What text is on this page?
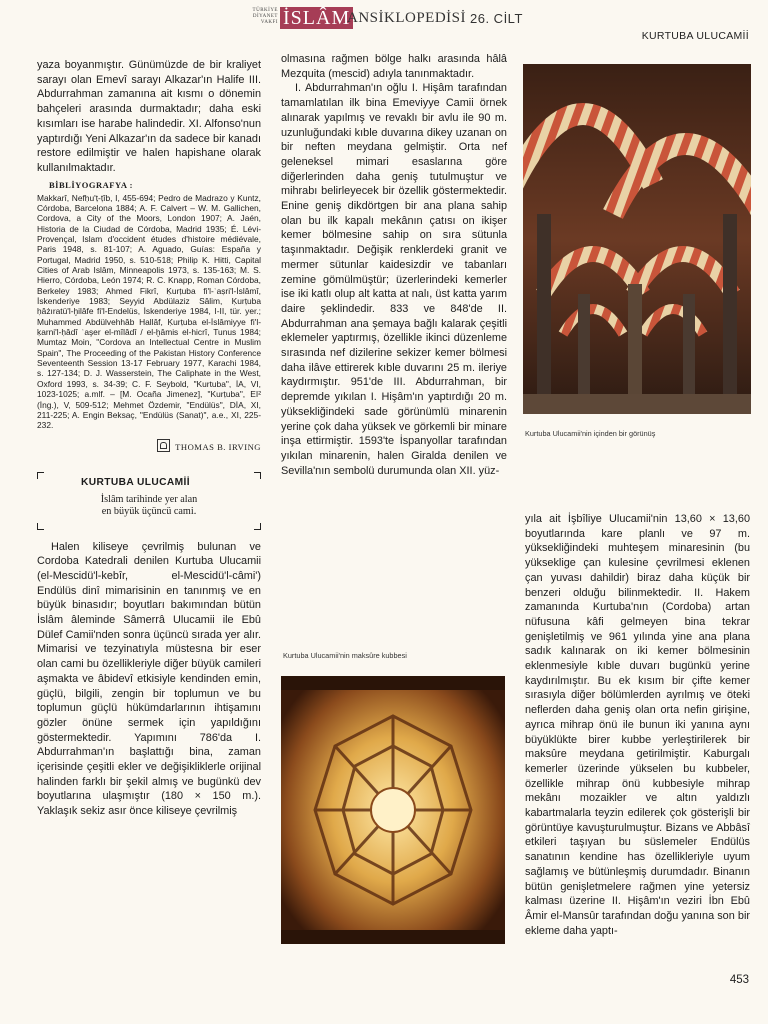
TÜRKİYE
DİYANET
VAKFI İSLÂM
ANSİKLOPEDİSİ 26. CİLT
KURTUBA ULUCAMİİ

yaza boyanmıştır. Günümüzde de bir kraliyet sarayı olan Emevî sarayı Alkazar'ın Halife III. Abdurrahman zamanına ait kısmı o dönemin bahçeleri arasında durmaktadır; daha eski kısımları ise harabe halindedir. XI. Alfonso'nun yaptırdığı Yeni Alkazar'ın da sadece bir kanadı restore edilmiştir ve halen hapishane olarak kullanılmaktadır.

BİBLİYOGRAFYA :

Makkarî, Nefḥu'ṭ-ṭîb, I, 455-694; Pedro de Madrazo y Kuntz, Córdoba, Barcelona 1884; A. F. Calvert – W. M. Gallichen, Cordova, a City of the Moors, London 1907; A. Jaén, Historia de la Ciudad de Córdoba, Madrid 1935; É. Lévi-Provençal, Islam d'occident études d'histoire médiévale, Paris 1948, s. 81-107; A. Aguado, Guías: España y Portugal, Madrid 1950, s. 510-518; Philip K. Hitti, Capital Cities of Arab Islâm, Minneapolis 1973, s. 135-163; M. S. Hierro, Córdoba, León 1974; R. C. Knapp, Roman Córdoba, Berkeley 1983; Ahmed Fikrî, Ḳurṭuba fi'l-ʿaṣri'l-İslâmî, İskenderiye 1983; Seyyid Abdülaziz Sâlim, Ḳurṭuba ḥâżıratü'l-ḫilâfe fi'l-Endelüs, İskenderiye 1984, I-II, tür. yer.; Muhammed Abdülvehhâb Hallâf, Ḳurṭuba el-İslâmiyye fi'l-ḳarni'l-ḥâdî ʿaşer el-mîlâdî / el-ḫâmis el-hicrî, Tunus 1984; Mumtaz Moin, "Cordova an Intellectual Centre in Muslim Spain", The Proceeding of the Pakistan History Conference Seventeenth Session 13-17 February 1977, Karachi 1984, s. 127-134; D. J. Wasserstein, The Caliphate in the West, Oxford 1993, s. 34-39; C. F. Seybold, "Kurtuba", İA, VI, 1023-1025; a.mlf. – [M. Ocaña Jimenez], "Kurṭuba", EI² (İng.), V, 509-512; Mehmet Özdemir, "Endülüs", DİA, XI, 211-225; A. Engin Beksaç, "Endülüs (Sanat)", a.e., XI, 225-232.

THOMAS B. IRVING
KURTUBA ULUCAMİİ
İslâm tarihinde yer alan
en büyük üçüncü cami.

Halen kiliseye çevrilmiş bulunan ve Cordoba Katedrali denilen Kurtuba Ulucamii (el-Mescidü'l-kebîr, el-Mescidü'l-câmi') Endülüs dinî mimarisinin en tanınmış ve en büyük binasıdır; boyutları bakımından bütün İslâm âleminde Sâmerrâ Ulucamii ile Ebû Dülef Camii'nden sonra üçüncü sırada yer alır. Mimarisi ve tezyinatıyla müstesna bir eser olan cami bu özellikleriyle diğer büyük camileri aşmakta ve âbidevî etkisiyle kendinden emin, güçlü, bilgili, zengin bir toplumun ve bu toplumun güçlü hükümdarlarının ihtişamını gözler önüne sermek için yapıldığını göstermektedir. Yapımını 786'da I. Abdurrahman'ın başlattığı bina, zaman içerisinde çeşitli ekler ve değişikliklerle orijinal halinden farklı bir şekil almış ve bugünkü dev boyutlarına ulaşmıştır (180 × 150 m.). Yaklaşık sekiz asır önce kiliseye çevrilmiş

olmasına rağmen bölge halkı arasında hâlâ Mezquita (mescid) adıyla tanınmaktadır.

I. Abdurrahman'ın oğlu I. Hişâm tarafından tamamlatılan ilk bina Emeviyye Camii örnek alınarak yapılmış ve revaklı bir avlu ile 90 m. uzunluğundaki kıble duvarına dikey uzanan on bir neften meydana gelmiştir. Orta nef geleneksel mimari esaslarına göre diğerlerinden daha geniş tutulmuştur ve mihrabı belirleyecek bir özellik göstermektedir. Enine geniş dikdörtgen bir ana plana sahip olan bu ilk kapalı mekânın çatısı on ikişer kemer bölmesine sahip on sıra sütunla taşınmaktadır. Değişik renklerdeki granit ve mermer sütunlar kaidesizdir ve tabanları zemine gömülmüştür; üzerlerindeki kemerler ise iki katlı olup alt katta at nalı, üst katta yarım daire şeklindedir. 833 ve 848'de II. Abdurrahman ana şemaya bağlı kalarak çeşitli eklemeler yaptırmış, özellikle ikinci düzenleme sırasında nef dizilerine sekizer kemer bölmesi daha ilâve ettirerek kıble duvarını 25 m. ileriye kaydırmıştır. 951'de III. Abdurrahman, bir depremde yıkılan I. Hişâm'ın yaptırdığı 20 m. yüksekliğindeki sade görünümlü minarenin yerine çok daha yüksek ve görkemli bir minare inşa ettirmiştir. 1593'te İspanyollar tarafından yıkılan minarenin, halen Giralda denilen ve Sevilla'nın sembolü durumunda olan XII. yüz-

Kurtuba Ulucamii'nin içinden bir görünüş
Kurtuba Ulucamii'nin maksûre kubbesi

yıla ait İşbîliye Ulucamii'nin 13,60 × 13,60 boyutlarında kare planlı ve 97 m. yüksekliğindeki muhteşem minaresinin (bu yükseklige çan kulesine çevrilmesi eklenen çan yuvası dahildir) biraz daha küçük bir benzeri olduğu bilinmektedir. II. Hakem zamanında Kurtuba'nın (Cordoba) artan nüfusuna kâfi gelmeyen bina tekrar genişletilmiş ve 961 yılında yine ana plana sadık kalınarak on iki kemer bölmesinin eklenmesiyle kıble duvarı bugünkü yerine kaydırılmıştır. Bu ek kısım bir çifte kemer sırasıyla diğer bölümlerden ayrılmış ve öteki neflerden daha geniş olan orta nefin girişine, ayrıca mihrap önü ile bunun iki yanına aynı büyüklükte birer kubbe yerleştirilerek bir maksûre meydana getirilmiştir. Kaburgalı kemerler üzerinde yükselen bu kubbeler, özellikle mihrap önü kubbesiyle mihrap mekânı mozaikler ve altın yaldızlı kabartmalarla teyzin edilerek çok gösterişli bir görüntüye kavuşturulmuştur. Bizans ve Abbâsî etkileri taşıyan bu süslemeler Endülüs sanatının kendine has özellikleriyle uyum sağlamış ve bütünleşmiş durumdadır. Binanın bütün genişletmelere rağmen yine yetersiz kalması üzerine II. Hişâm'ın veziri İbn Ebû Âmir el-Mansûr tarafından doğu yanına son bir ekleme daha yaptı-

453
